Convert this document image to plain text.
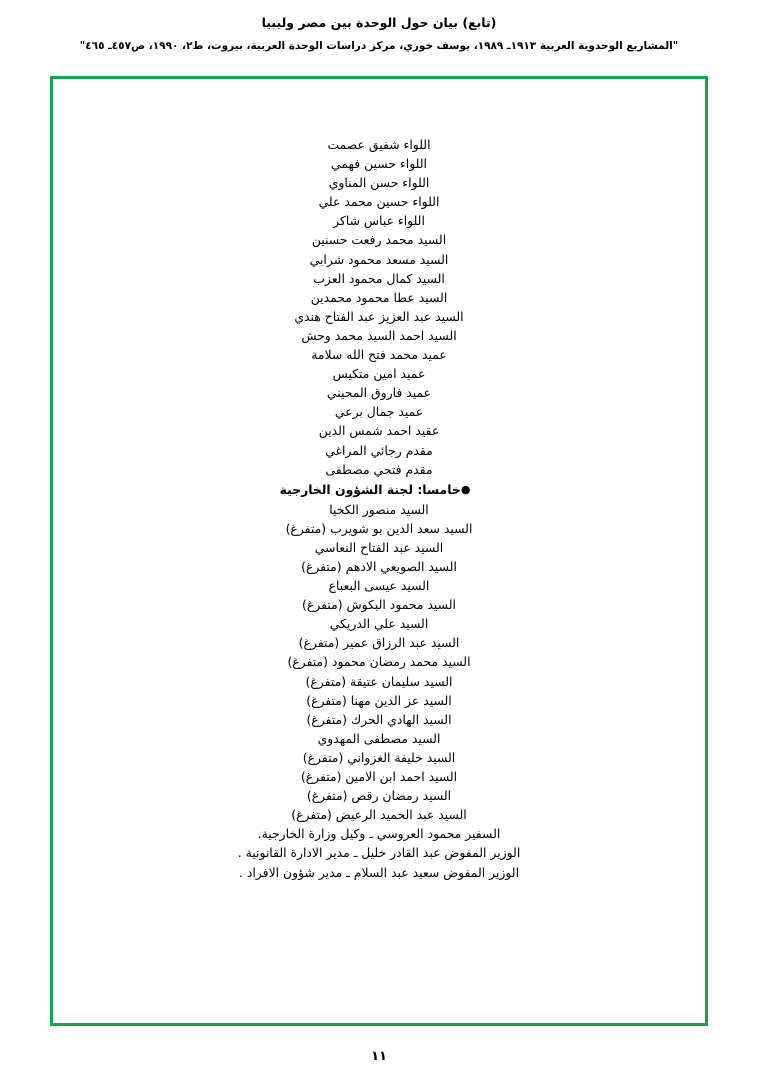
(تابع) بيان حول الوحدة بين مصر وليبيا
"المشاريع الوحدوية العربية ١٩١٣ـ ١٩٨٩، يوسف خوري، مركز دراسات الوحدة العربية، بيروت، ط٢، ١٩٩٠، ص٤٥٧ـ ٤٦٥"
اللواء شفيق عصمت
اللواء حسين فهمي
اللواء حسن المناوي
اللواء حسين محمد علي
اللواء عباس شاكر
السيد محمد رفعت حسنين
السيد مسعد محمود شرابي
السيد كمال محمود العزب
السيد عطا محمود محمدين
السيد عبد العزيز عبد الفتاح هندي
السيد احمد السيد محمد وحش
عميد محمد فتح الله سلامة
عميد امين متكيس
عميد فاروق المحيني
عميد جمال برعي
عقيد احمد شمس الدين
مقدم رجائي المراغي
مقدم فتحي مصطفى
●خامسا: لجنة الشؤون الخارجية
السيد منصور الكخيا
السيد سعد الدين بو شويرب (متفرغ)
السيد عبد الفتاح النعاسي
السيد الصويعي الادهم (متفرغ)
السيد عيسى البعباع
السيد محمود البكوش (متفرغ)
السيد علي الدريكي
السيد عبد الرزاق عمير (متفرغ)
السيد محمد رمضان محمود (متفرغ)
السيد سليمان عتيقة (متفرغ)
السيد عز الدين مهنا (متفرغ)
السيد الهادي الحرك (متفرغ)
السيد مصطفى المهدوي
السيد خليفة الغزواني (متفرغ)
السيد احمد ابن الامين (متفرغ)
السيد رمضان رقص (متفرغ)
السيد عبد الحميد الرعيض (متفرغ)
السفير محمود العروسي ـ وكيل وزارة الخارجية.
الوزير المفوض عبد القادر خليل ـ مدير الادارة القانونية .
الوزير المفوض سعيد عبد السلام ـ مدير شؤون الافراد .
١١
